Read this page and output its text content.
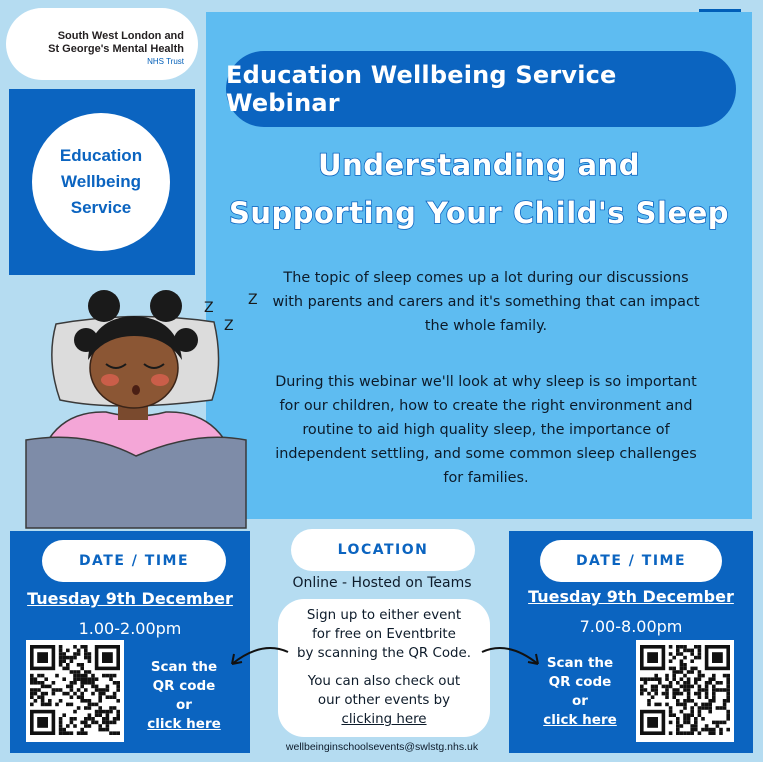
South West London and
St George's Mental Health
NHS Trust
Education Wellbeing Service
Education Wellbeing Service Webinar
Understanding and
Supporting Your Child's Sleep
The topic of sleep comes up a lot during our discussions with parents and carers and it's something that can impact the whole family.
During this webinar we'll look at why sleep is so important for our children, how to create the right environment and routine to aid high quality sleep, the importance of independent settling, and some common sleep challenges for families.
Z Z
Z
DATE / TIME
Tuesday 9th December
1.00-2.00pm
Scan the
QR code
or
click here
DATE / TIME
Tuesday 9th December
7.00-8.00pm
Scan the
QR code
or
click here
LOCATION
Online - Hosted on Teams
Sign up to either event
for free on Eventbrite
by scanning the QR Code.
You can also check out
our other events by
clicking here
wellbeinginschoolsevents@swlstg.nhs.uk
